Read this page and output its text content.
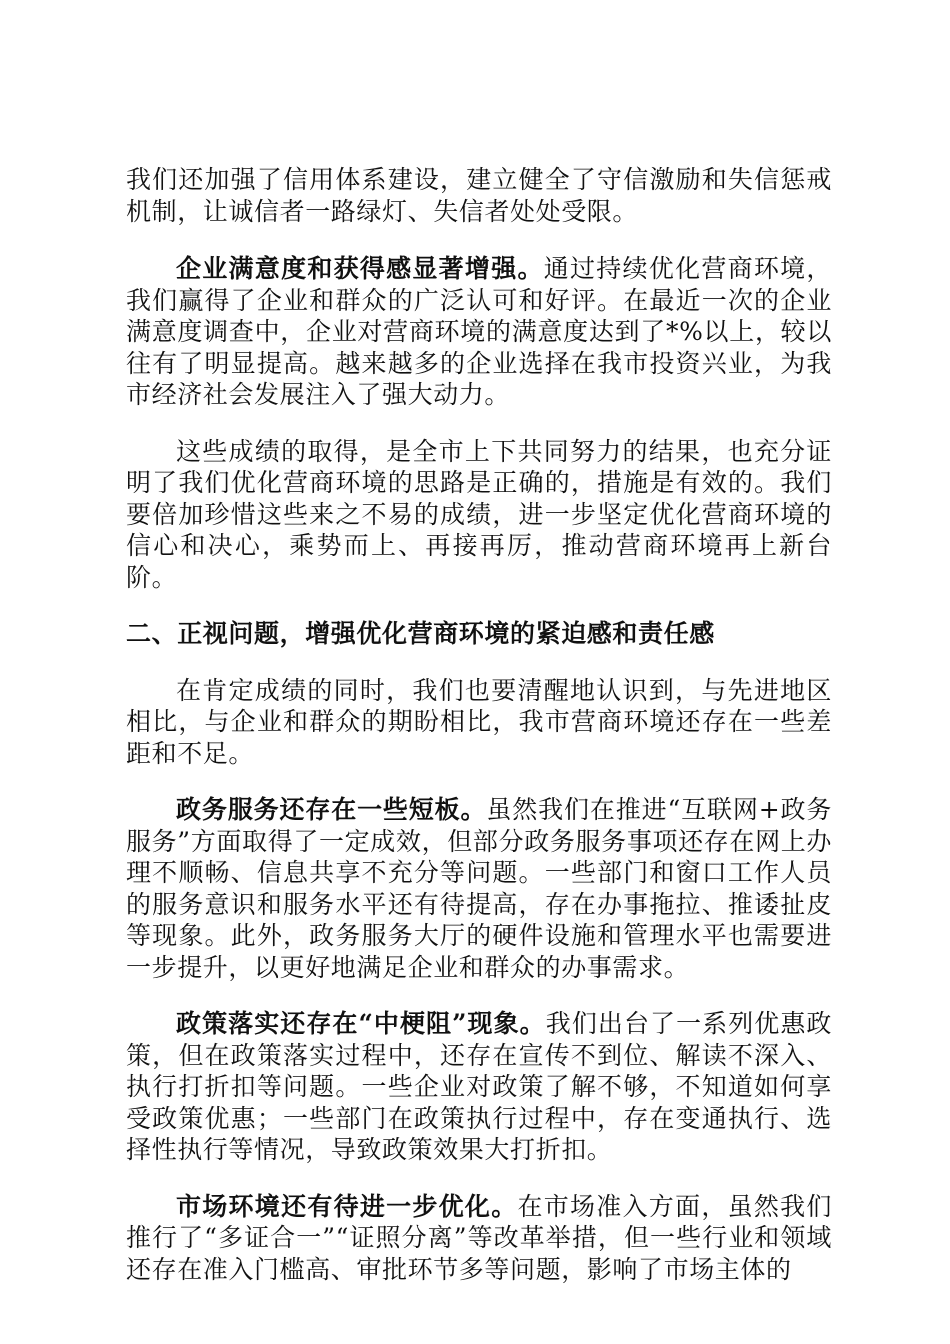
我们还加强了信用体系建设，建立健全了守信激励和失信惩戒机制，让诚信者一路绿灯、失信者处处受限。

企业满意度和获得感显著增强。通过持续优化营商环境，我们赢得了企业和群众的广泛认可和好评。在最近一次的企业满意度调查中，企业对营商环境的满意度达到了*%以上，较以往有了明显提高。越来越多的企业选择在我市投资兴业，为我市经济社会发展注入了强大动力。

这些成绩的取得，是全市上下共同努力的结果，也充分证明了我们优化营商环境的思路是正确的，措施是有效的。我们要倍加珍惜这些来之不易的成绩，进一步坚定优化营商环境的信心和决心，乘势而上、再接再厉，推动营商环境再上新台阶。

二、正视问题，增强优化营商环境的紧迫感和责任感

在肯定成绩的同时，我们也要清醒地认识到，与先进地区相比，与企业和群众的期盼相比，我市营商环境还存在一些差距和不足。

政务服务还存在一些短板。虽然我们在推进“互联网+政务服务”方面取得了一定成效，但部分政务服务事项还存在网上办理不顺畅、信息共享不充分等问题。一些部门和窗口工作人员的服务意识和服务水平还有待提高，存在办事拖拉、推诿扯皮等现象。此外，政务服务大厅的硬件设施和管理水平也需要进一步提升，以更好地满足企业和群众的办事需求。

政策落实还存在“中梗阻”现象。我们出台了一系列优惠政策，但在政策落实过程中，还存在宣传不到位、解读不深入、执行打折扣等问题。一些企业对政策了解不够，不知道如何享受政策优惠；一些部门在政策执行过程中，存在变通执行、选择性执行等情况，导致政策效果大打折扣。

市场环境还有待进一步优化。在市场准入方面，虽然我们推行了“多证合一”“证照分离”等改革举措，但一些行业和领域还存在准入门槛高、审批环节多等问题，影响了市场主体的
